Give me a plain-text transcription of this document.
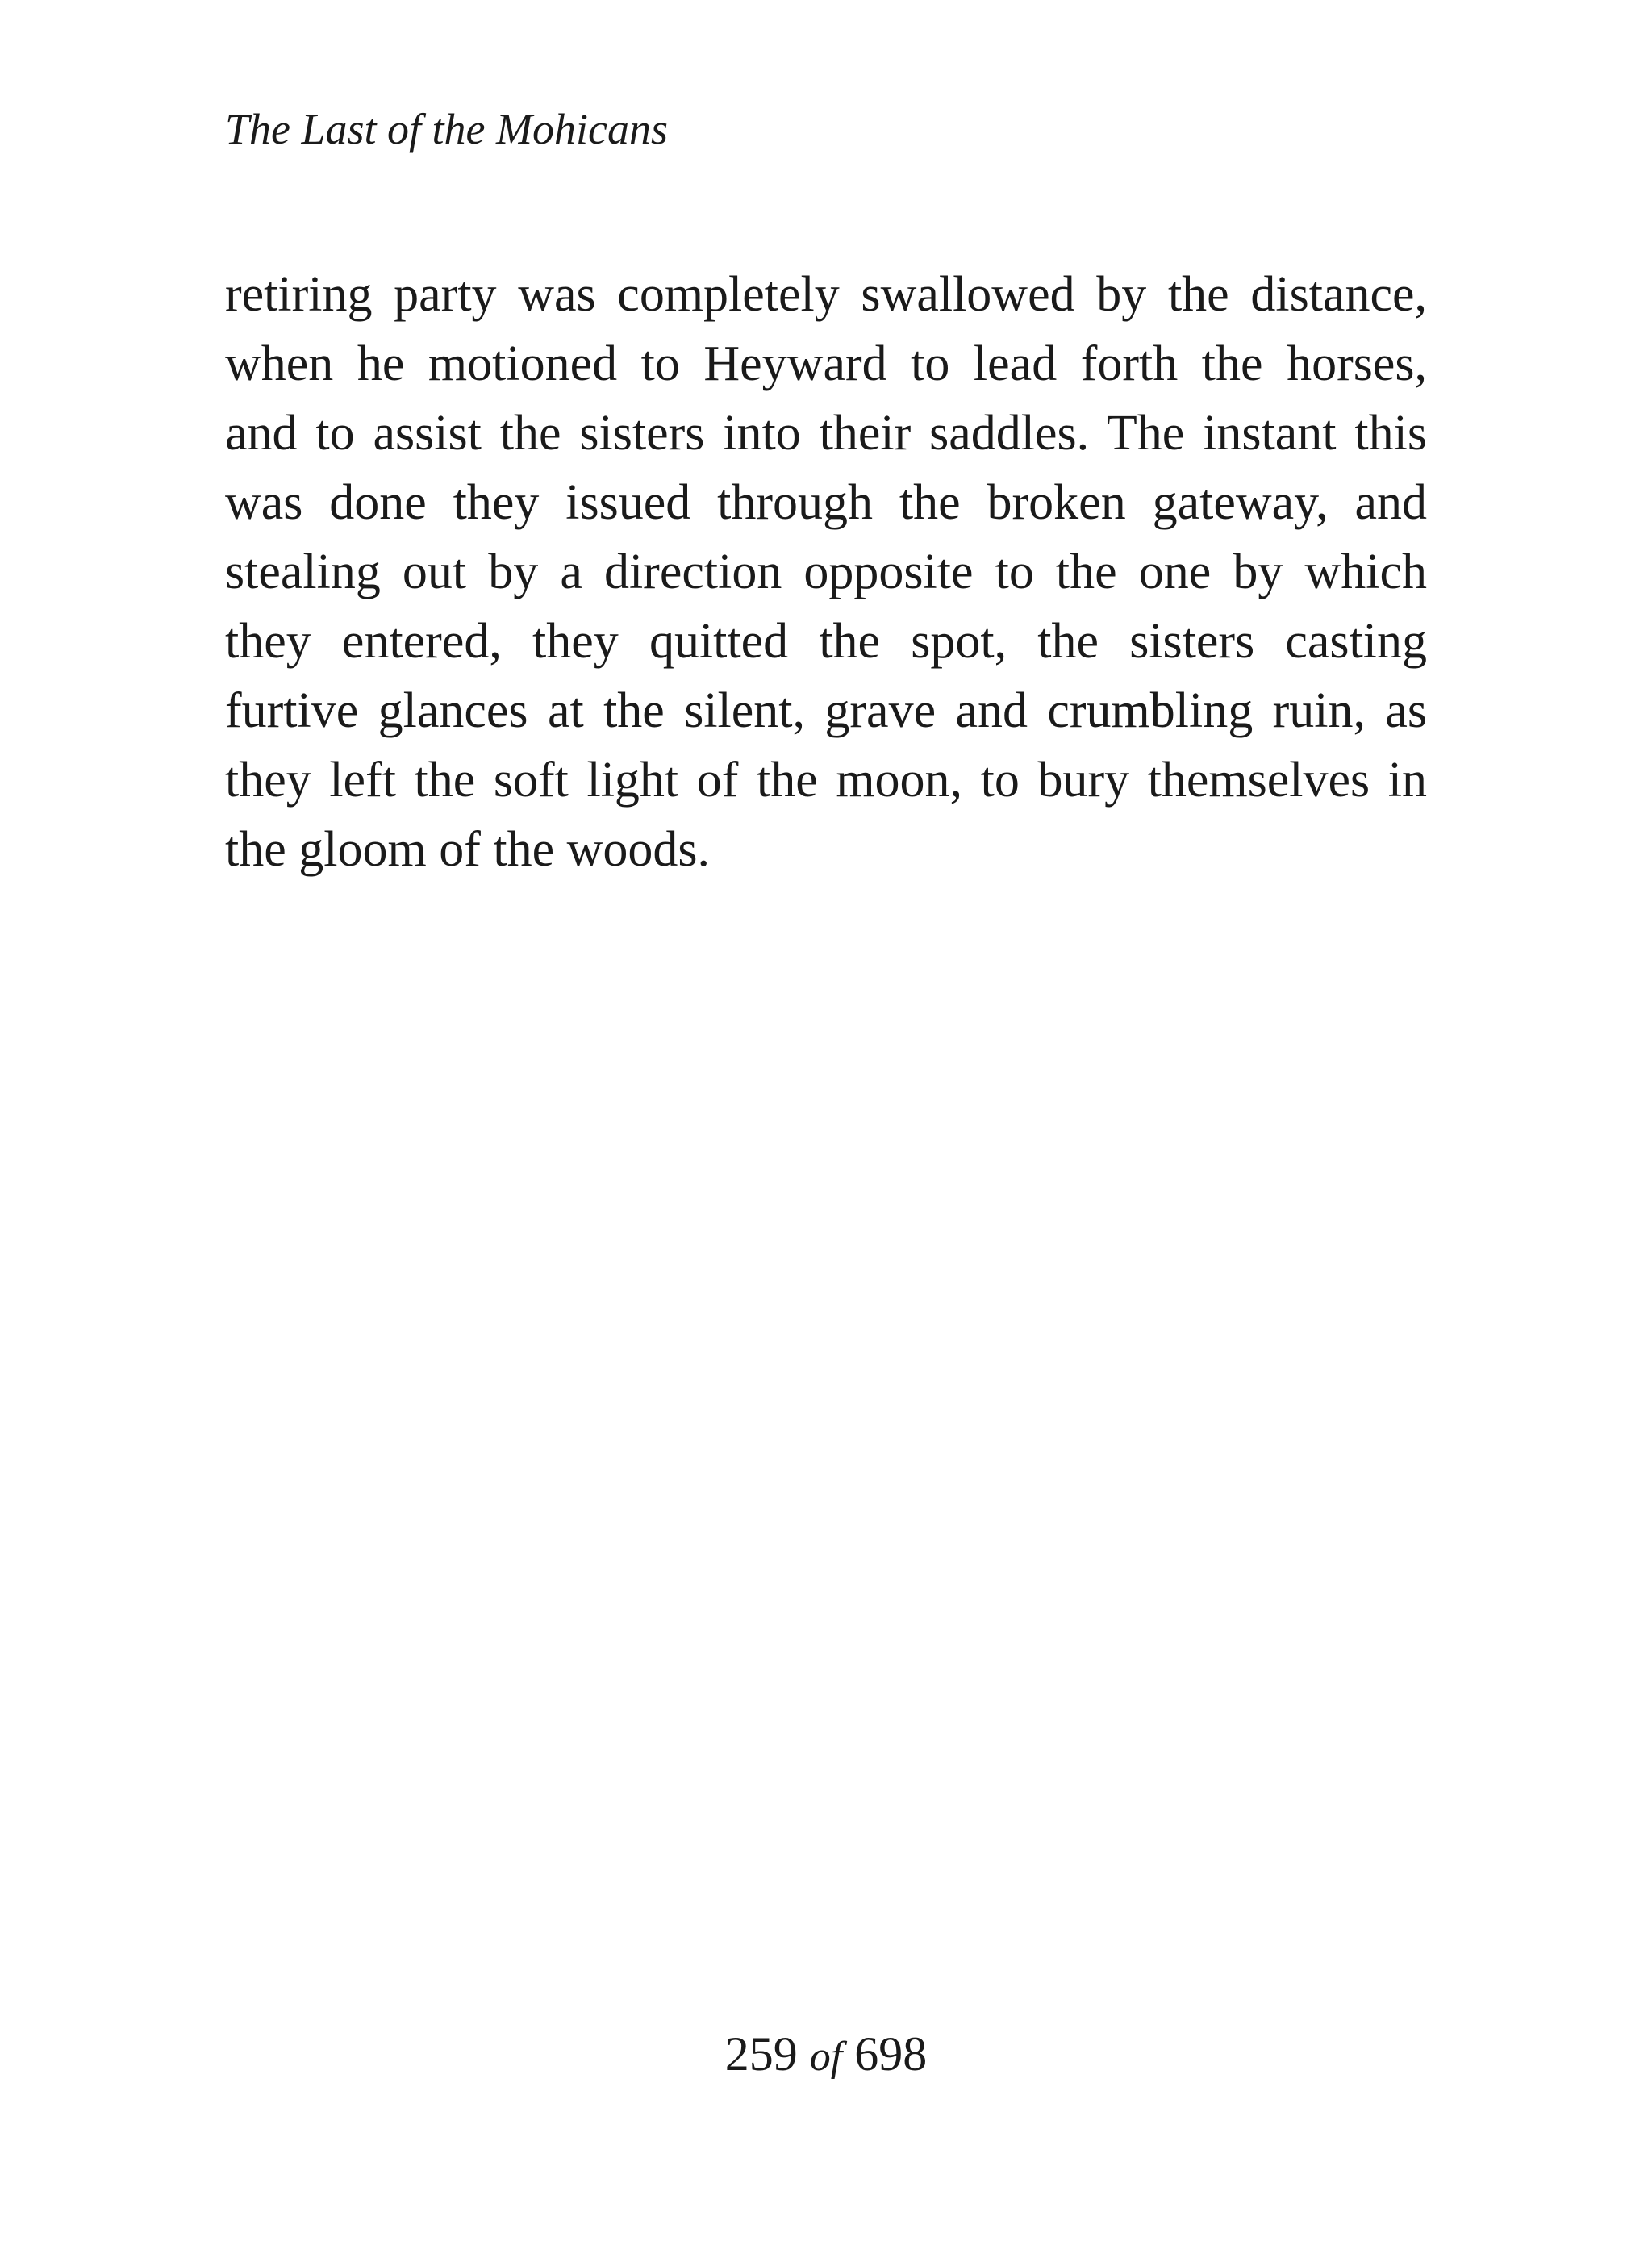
The Last of the Mohicans
retiring party was completely swallowed by the distance,
when he motioned to Heyward to lead forth the horses,
and to assist the sisters into their saddles. The instant this
was done they issued through the broken gateway, and
stealing out by a direction opposite to the one by which
they entered, they quitted the spot, the sisters casting
furtive glances at the silent, grave and crumbling ruin, as
they left the soft light of the moon, to bury themselves in
the gloom of the woods.
259 of 698
